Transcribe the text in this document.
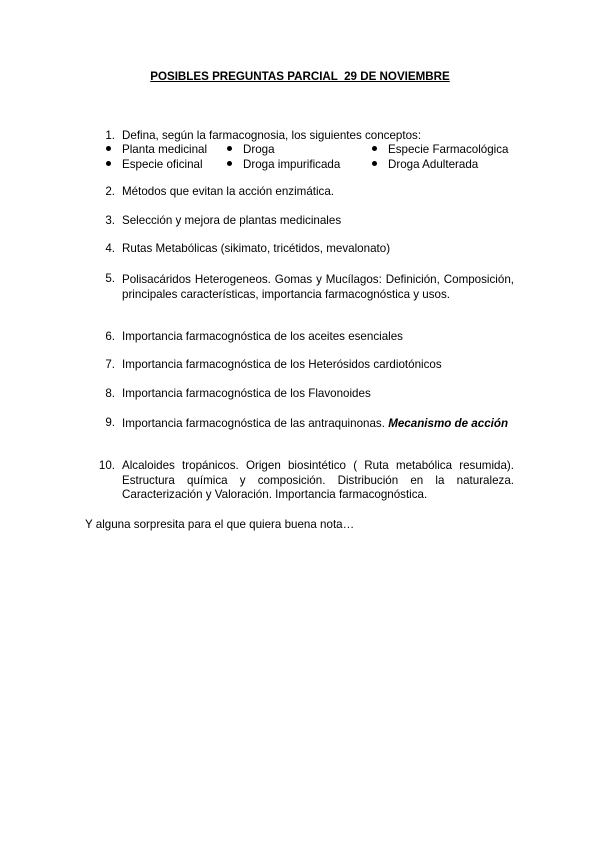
POSIBLES PREGUNTAS PARCIAL  29 DE NOVIEMBRE
1. Defina, según la farmacognosia, los siguientes conceptos:
Planta medicinal	Droga	Especie Farmacológica
Especie oficinal	Droga impurificada	Droga Adulterada
2. Métodos que evitan la acción enzimática.
3. Selección y mejora de plantas medicinales
4. Rutas Metabólicas (sikimato, tricétidos, mevalonato)
5. Polisacáridos Heterogeneos. Gomas y Mucílagos: Definición, Composición, principales características, importancia farmacognóstica y usos.
6. Importancia farmacognóstica de los aceites esenciales
7. Importancia farmacognóstica de los Heterósidos cardiotónicos
8. Importancia farmacognóstica de los Flavonoides
9. Importancia farmacognóstica de las antraquinonas. Mecanismo de acción
10. Alcaloides tropánicos. Origen biosintético ( Ruta metabólica resumida). Estructura química y composición. Distribución en la naturaleza. Caracterización y Valoración. Importancia farmacognóstica.
Y alguna sorpresita para el que quiera buena nota…
